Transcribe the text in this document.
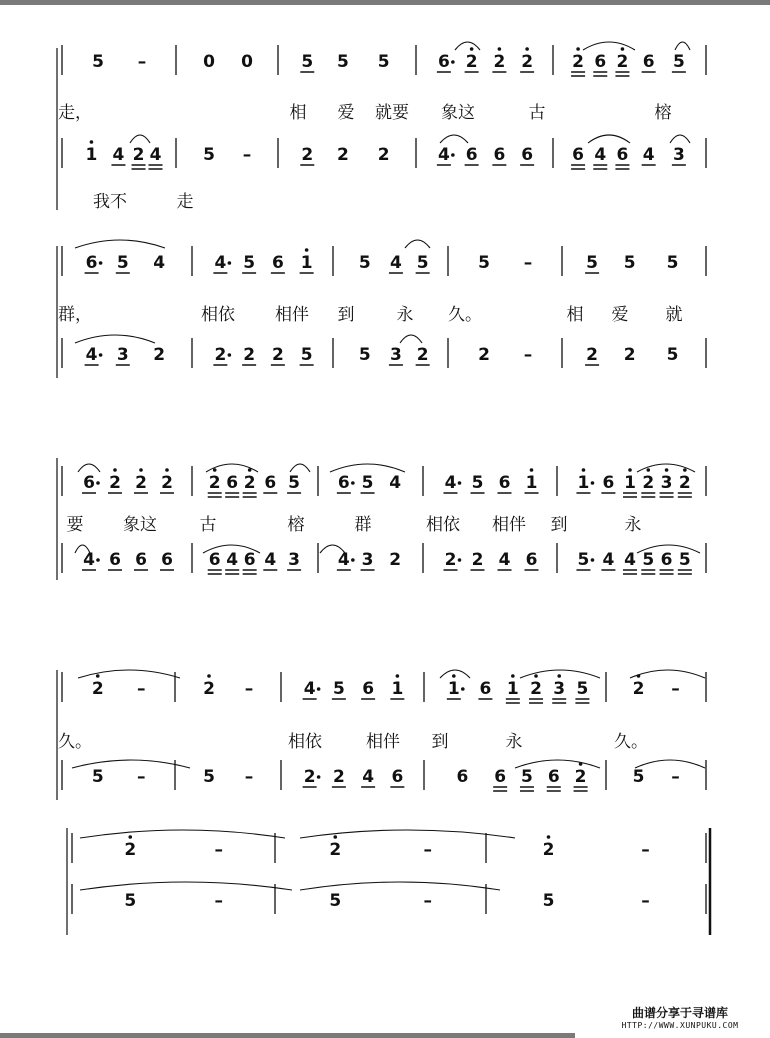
5 –	0 0	5 5 5	6 2 2 2 2 6 2 6 5
1 4 2 4 5 –	2 2 2	4 6 6 6 6 4 6 4 3
走，	相 爱 就要 象这	古	榕
我不	走
6 5 4	4 5 6 1	5 4 5	5 –	5 5 5
4 3 2	2 2 2 5	5 3 2	2 –	2 2 5
群，	相依 相伴 到 永 久。	相 爱 就
6 2 2 2 2 6 2 6 5 6 5 4	4 5 6 1 1 6 1 2 3 2
4 6 6 6 6 4 6 4 3 4 3 2	2 2 4 6 5 4 4 5 6 5
要 象这	古	榕	群	相依 相伴 到	永
2 –	2 –	4 5 6 1	1 6 1 2 3 5	2 –
5 –	5 –	2 2 4 6	6 6 5 6 2	5 –
久。	相依	相伴 到	永	久。
2	–	2	–	2	–
5	–	5	–	5	–
曲谱分享于寻谱库
HTTP://WWW.XUNPUKU.COM
